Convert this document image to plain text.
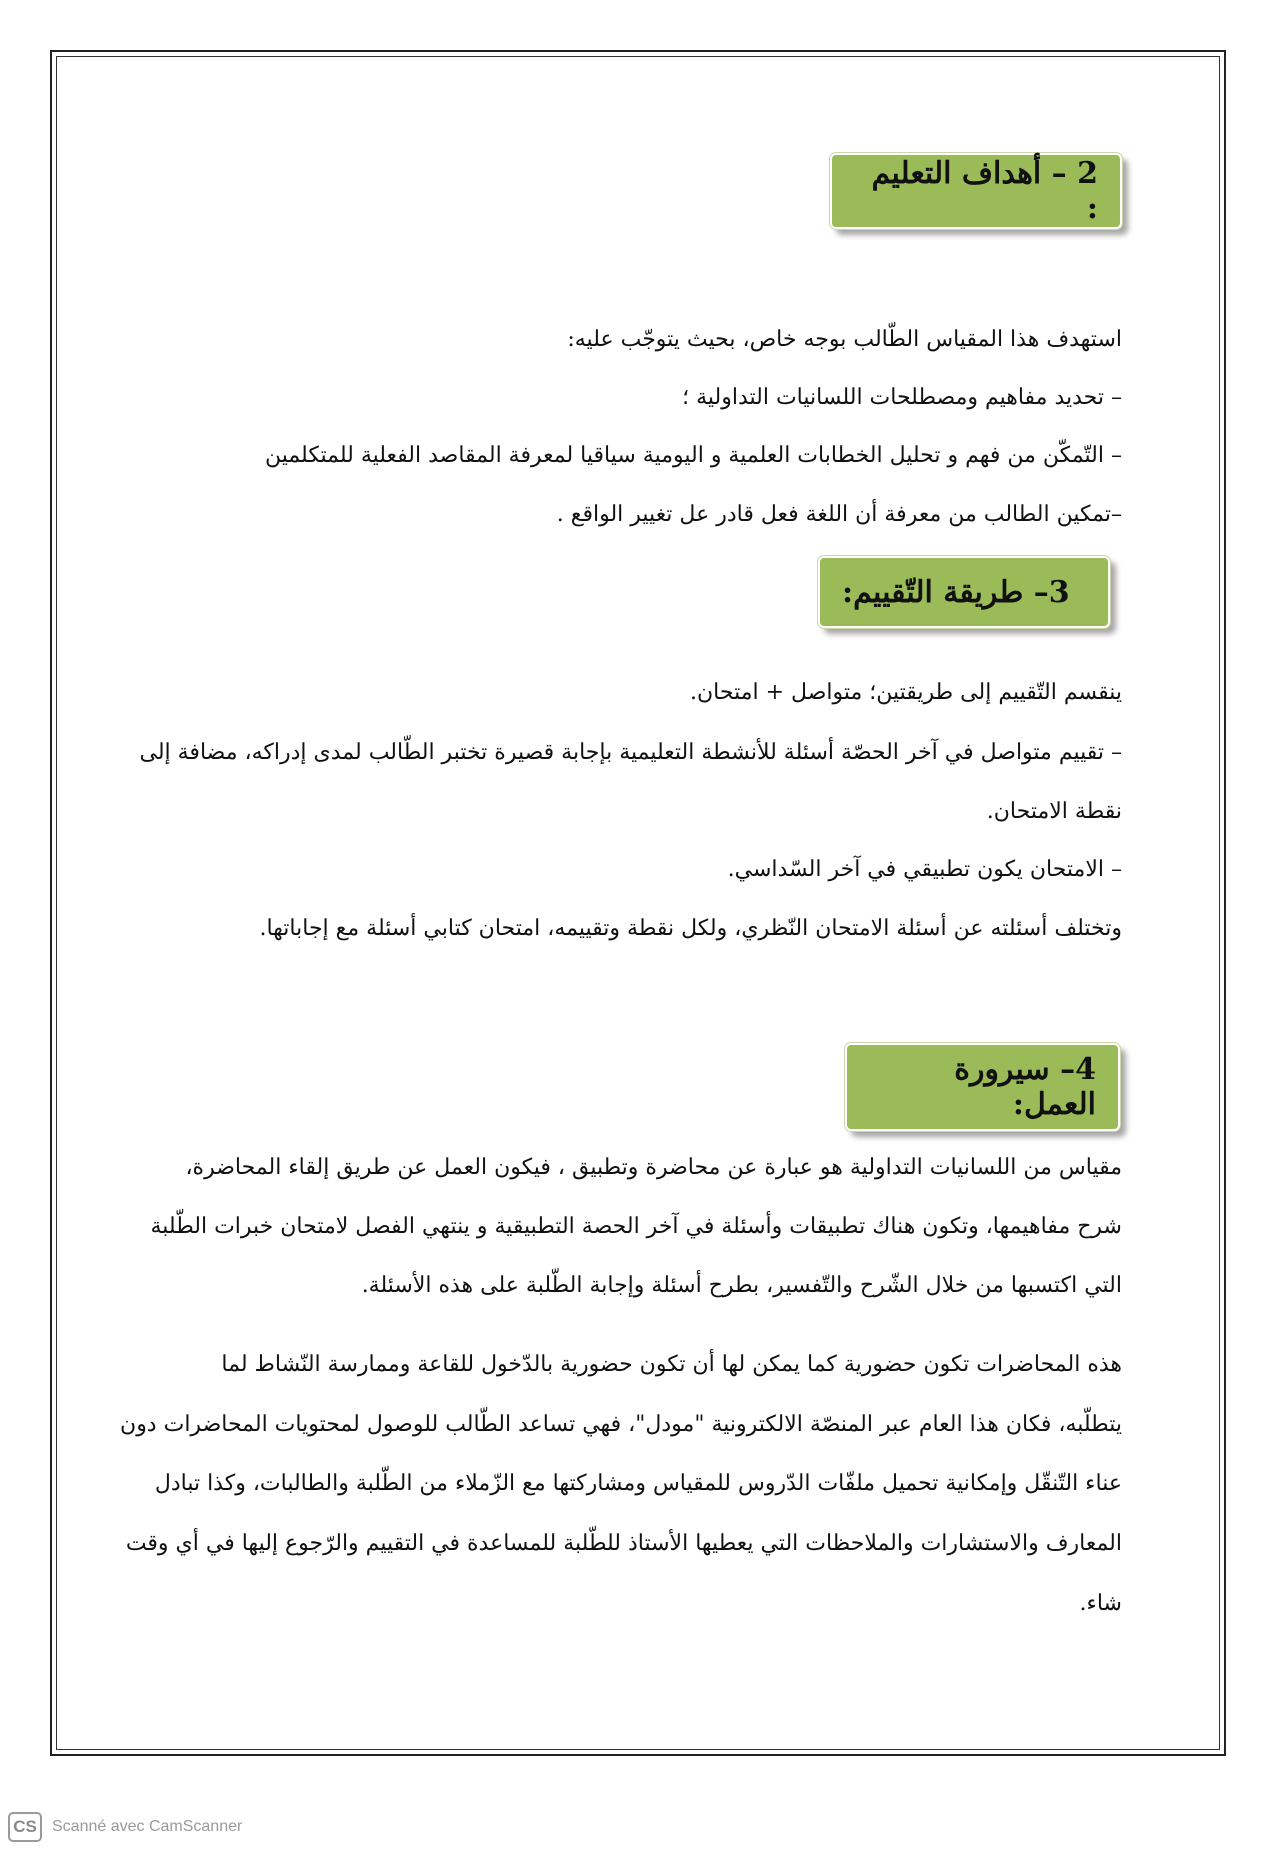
2 – أهداف التعليم :
استهدف هذا المقياس الطّالب بوجه خاص، بحيث يتوجّب عليه:
– تحديد مفاهيم ومصطلحات اللسانيات التداولية ؛
– التّمكّن من فهم و تحليل الخطابات العلمية و اليومية سياقيا لمعرفة المقاصد الفعلية للمتكلمين
–تمكين الطالب من معرفة أن اللغة فعل قادر عل تغيير الواقع .
3– طريقة التّقييم:
ينقسم التّقييم إلى طريقتين؛ متواصل + امتحان.
– تقييم متواصل في آخر الحصّة أسئلة للأنشطة التعليمية بإجابة قصيرة تختبر الطّالب لمدى إدراكه، مضافة إلى
نقطة الامتحان.
– الامتحان يكون تطبيقي في آخر السّداسي.
وتختلف أسئلته عن أسئلة الامتحان النّظري، ولكل نقطة وتقييمه، امتحان كتابي أسئلة مع إجاباتها.
4– سيرورة العمل:
مقياس من اللسانيات التداولية هو عبارة عن محاضرة وتطبيق ، فيكون العمل عن طريق إلقاء المحاضرة،
شرح مفاهيمها، وتكون هناك تطبيقات وأسئلة في آخر الحصة التطبيقية و ينتهي الفصل لامتحان خبرات الطّلبة
التي اكتسبها من خلال الشّرح والتّفسير، بطرح أسئلة وإجابة الطّلبة على هذه الأسئلة.
هذه المحاضرات تكون حضورية كما يمكن لها أن تكون حضورية بالدّخول للقاعة وممارسة النّشاط لما
يتطلّبه، فكان هذا العام عبر المنصّة الالكترونية "مودل"، فهي تساعد الطّالب للوصول لمحتويات المحاضرات دون
عناء التّنقّل وإمكانية تحميل ملفّات الدّروس للمقياس ومشاركتها مع الزّملاء من الطّلبة والطالبات، وكذا تبادل
المعارف والاستشارات والملاحظات التي يعطيها الأستاذ للطّلبة للمساعدة في التقييم والرّجوع إليها في أي وقت
شاء.
CS Scanné avec CamScanner
